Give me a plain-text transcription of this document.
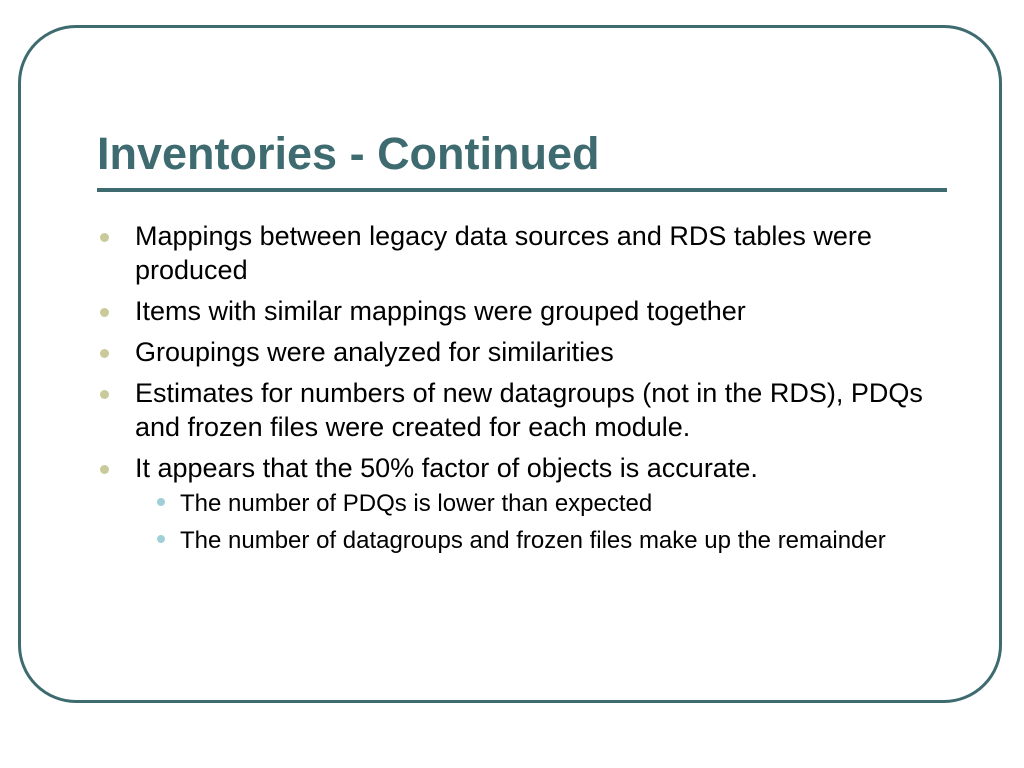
Inventories - Continued
Mappings between legacy data sources and RDS tables were produced
Items with similar mappings were grouped together
Groupings were analyzed for similarities
Estimates for numbers of new datagroups (not in the RDS), PDQs and frozen files were created for each module.
It appears that the 50% factor of objects is accurate.
The number of PDQs is lower than expected
The number of datagroups and frozen files make up the remainder
